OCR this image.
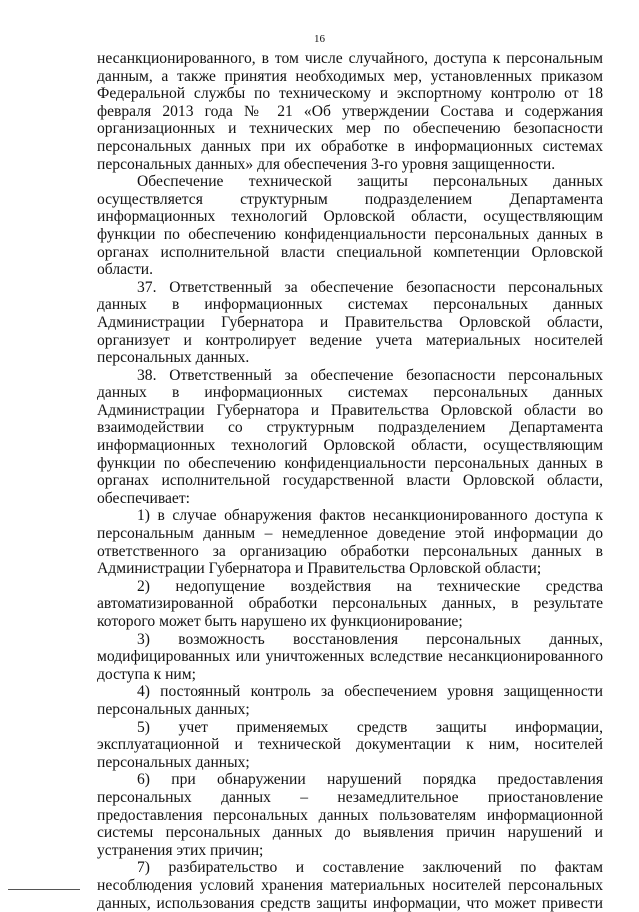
16

несанкционированного, в том числе случайного, доступа к персональным данным, а также принятия необходимых мер, установленных приказом Федеральной службы по техническому и экспортному контролю от 18 февраля 2013 года № 21 «Об утверждении Состава и содержания организационных и технических мер по обеспечению безопасности персональных данных при их обработке в информационных системах персональных данных» для обеспечения 3-го уровня защищенности.

Обеспечение технической защиты персональных данных осуществляется структурным подразделением Департамента информационных технологий Орловской области, осуществляющим функции по обеспечению конфиденциальности персональных данных в органах исполнительной власти специальной компетенции Орловской области.

37. Ответственный за обеспечение безопасности персональных данных в информационных системах персональных данных Администрации Губернатора и Правительства Орловской области, организует и контролирует ведение учета материальных носителей персональных данных.

38. Ответственный за обеспечение безопасности персональных данных в информационных системах персональных данных Администрации Губернатора и Правительства Орловской области во взаимодействии со структурным подразделением Департамента информационных технологий Орловской области, осуществляющим функции по обеспечению конфиденциальности персональных данных в органах исполнительной государственной власти Орловской области, обеспечивает:

1) в случае обнаружения фактов несанкционированного доступа к персональным данным – немедленное доведение этой информации до ответственного за организацию обработки персональных данных в Администрации Губернатора и Правительства Орловской области;

2) недопущение воздействия на технические средства автоматизированной обработки персональных данных, в результате которого может быть нарушено их функционирование;

3) возможность восстановления персональных данных, модифицированных или уничтоженных вследствие несанкционированного доступа к ним;

4) постоянный контроль за обеспечением уровня защищенности персональных данных;

5) учет применяемых средств защиты информации, эксплуатационной и технической документации к ним, носителей персональных данных;

6) при обнаружении нарушений порядка предоставления персональных данных – незамедлительное приостановление предоставления персональных данных пользователям информационной системы персональных данных до выявления причин нарушений и устранения этих причин;

7) разбирательство и составление заключений по фактам несоблюдения условий хранения материальных носителей персональных данных, использования средств защиты информации, что может привести
